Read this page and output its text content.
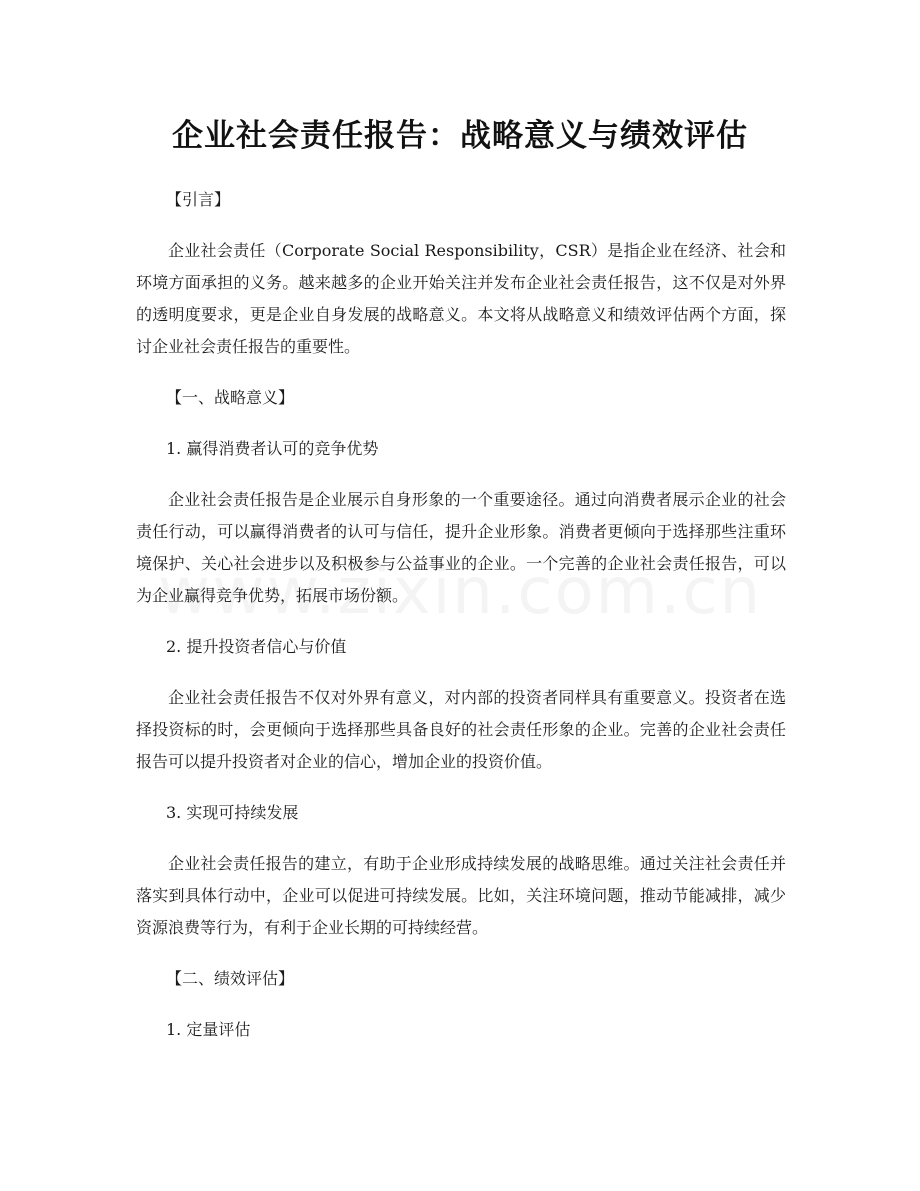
企业社会责任报告：战略意义与绩效评估
【引言】

企业社会责任（Corporate Social Responsibility，CSR）是指企业在经济、社会和环境方面承担的义务。越来越多的企业开始关注并发布企业社会责任报告，这不仅是对外界的透明度要求，更是企业自身发展的战略意义。本文将从战略意义和绩效评估两个方面，探讨企业社会责任报告的重要性。

【一、战略意义】
1. 赢得消费者认可的竞争优势

企业社会责任报告是企业展示自身形象的一个重要途径。通过向消费者展示企业的社会责任行动，可以赢得消费者的认可与信任，提升企业形象。消费者更倾向于选择那些注重环境保护、关心社会进步以及积极参与公益事业的企业。一个完善的企业社会责任报告，可以为企业赢得竞争优势，拓展市场份额。

2. 提升投资者信心与价值

企业社会责任报告不仅对外界有意义，对内部的投资者同样具有重要意义。投资者在选择投资标的时，会更倾向于选择那些具备良好的社会责任形象的企业。完善的企业社会责任报告可以提升投资者对企业的信心，增加企业的投资价值。

3. 实现可持续发展

企业社会责任报告的建立，有助于企业形成持续发展的战略思维。通过关注社会责任并落实到具体行动中，企业可以促进可持续发展。比如，关注环境问题，推动节能减排，减少资源浪费等行为，有利于企业长期的可持续经营。

【二、绩效评估】
1. 定量评估
